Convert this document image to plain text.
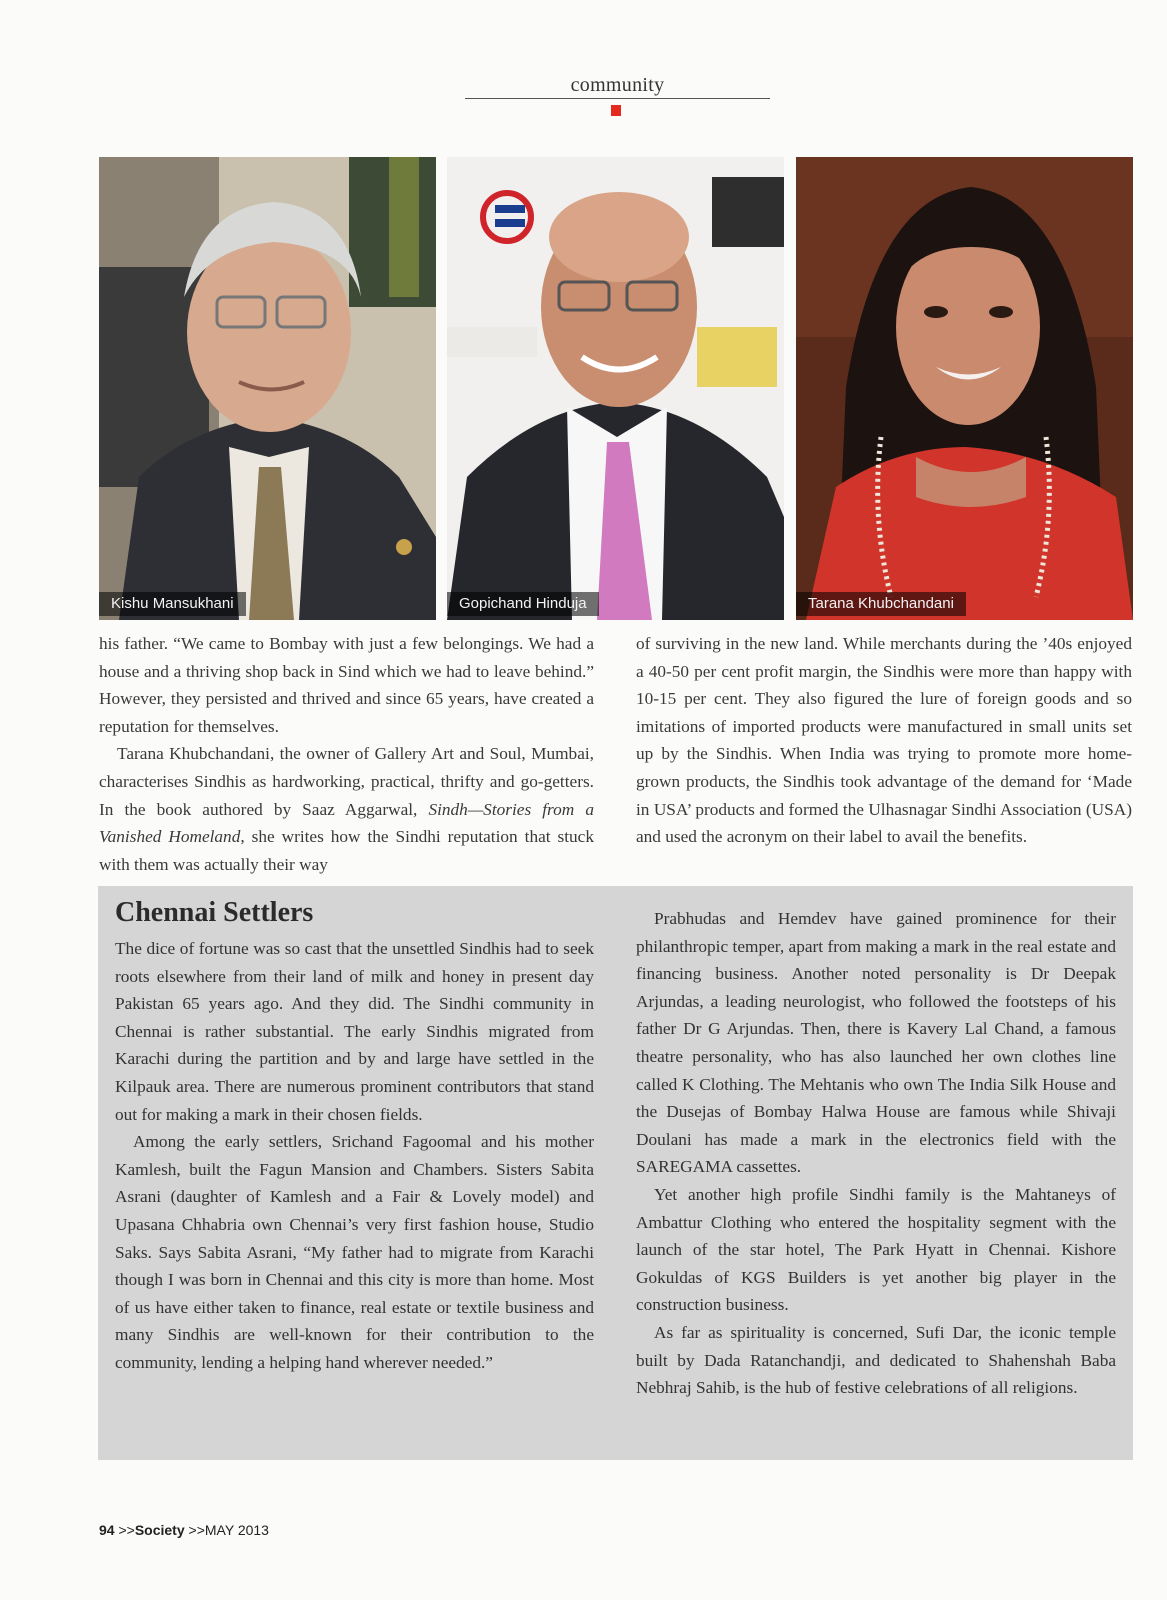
community
Kishu Mansukhani	Gopichand Hinduja	Tarana Khubchandani

his father. “We came to Bombay with just a few belongings. We had a house and a thriving shop back in Sind which we had to leave behind.” However, they persisted and thrived and since 65 years, have created a reputation for themselves.

Tarana Khubchandani, the owner of Gallery Art and Soul, Mumbai, characterises Sindhis as hardworking, practical, thrifty and go-getters. In the book authored by Saaz Aggarwal, Sindh—Stories from a Vanished Homeland, she writes how the Sindhi reputation that stuck with them was actually their way

of surviving in the new land. While merchants during the ’40s enjoyed a 40-50 per cent profit margin, the Sindhis were more than happy with 10-15 per cent. They also figured the lure of foreign goods and so imitations of imported products were manufactured in small units set up by the Sindhis. When India was trying to promote more home-grown products, the Sindhis took advantage of the demand for ‘Made in USA’ products and formed the Ulhasnagar Sindhi Association (USA) and used the acronym on their label to avail the benefits.

Chennai Settlers

The dice of fortune was so cast that the unsettled Sindhis had to seek roots elsewhere from their land of milk and honey in present day Pakistan 65 years ago. And they did. The Sindhi community in Chennai is rather substantial. The early Sindhis migrated from Karachi during the partition and by and large have settled in the Kilpauk area. There are numerous prominent contributors that stand out for making a mark in their chosen fields.

Among the early settlers, Srichand Fagoomal and his mother Kamlesh, built the Fagun Mansion and Chambers. Sisters Sabita Asrani (daughter of Kamlesh and a Fair & Lovely model) and Upasana Chhabria own Chennai’s very first fashion house, Studio Saks. Says Sabita Asrani, “My father had to migrate from Karachi though I was born in Chennai and this city is more than home. Most of us have either taken to finance, real estate or textile business and many Sindhis are well-known for their contribution to the community, lending a helping hand wherever needed.”

Prabhudas and Hemdev have gained prominence for their philanthropic temper, apart from making a mark in the real estate and financing business. Another noted personality is Dr Deepak Arjundas, a leading neurologist, who followed the footsteps of his father Dr G Arjundas. Then, there is Kavery Lal Chand, a famous theatre personality, who has also launched her own clothes line called K Clothing. The Mehtanis who own The India Silk House and the Dusejas of Bombay Halwa House are famous while Shivaji Doulani has made a mark in the electronics field with the SAREGAMA cassettes.

Yet another high profile Sindhi family is the Mahtaneys of Ambattur Clothing who entered the hospitality segment with the launch of the star hotel, The Park Hyatt in Chennai. Kishore Gokuldas of KGS Builders is yet another big player in the construction business.

As far as spirituality is concerned, Sufi Dar, the iconic temple built by Dada Ratanchandji, and dedicated to Shahenshah Baba Nebhraj Sahib, is the hub of festive celebrations of all religions.

94 >>Society >>MAY 2013
